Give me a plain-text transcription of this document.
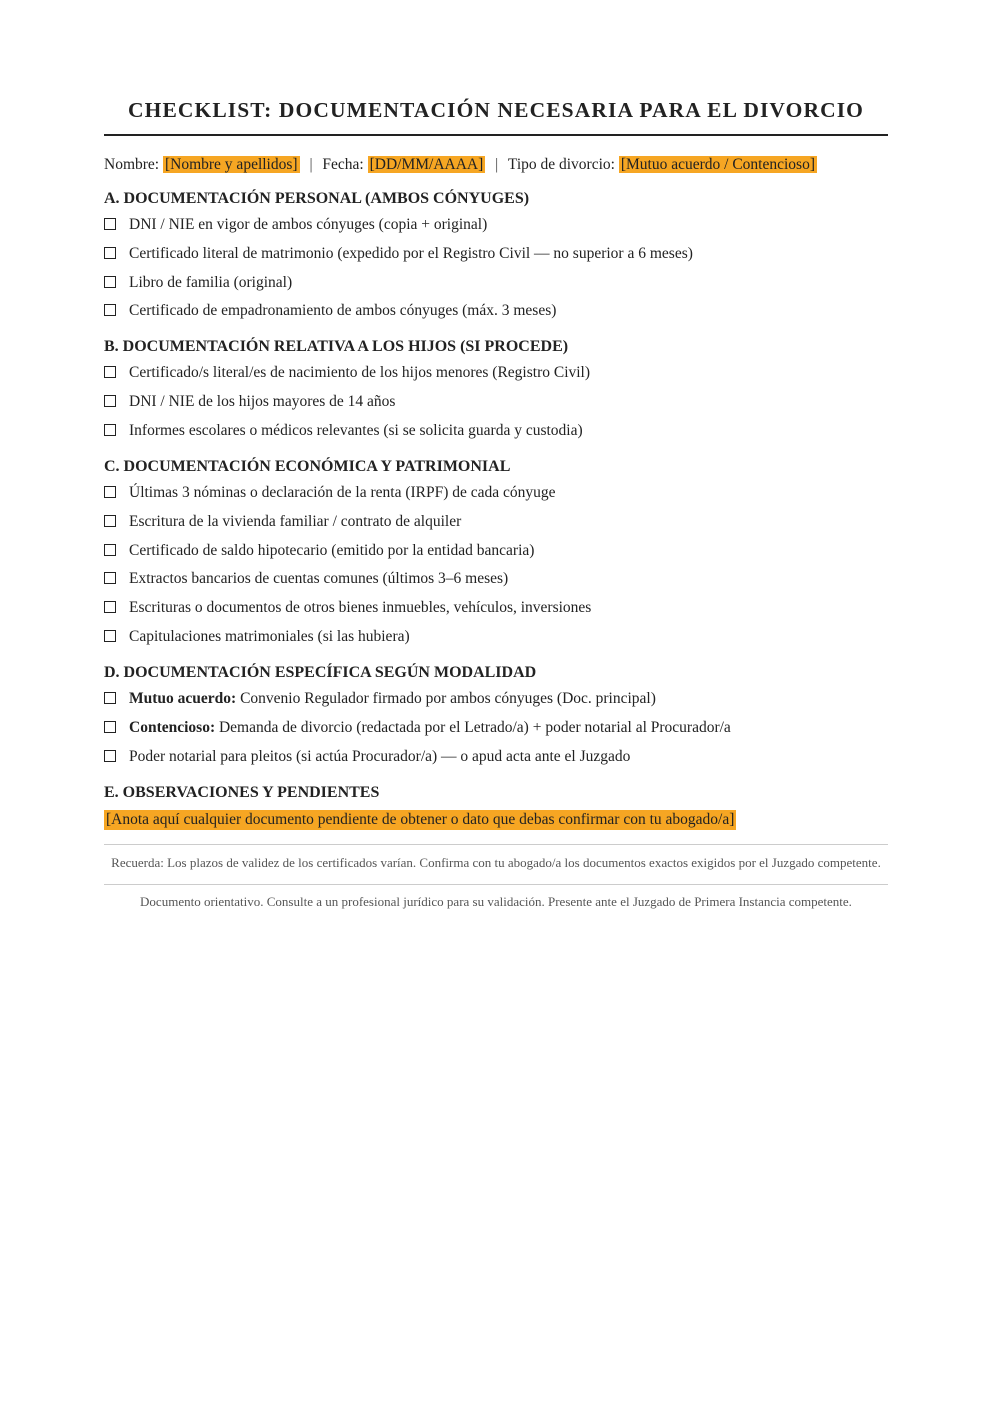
CHECKLIST: DOCUMENTACIÓN NECESARIA PARA EL DIVORCIO
Nombre: [Nombre y apellidos] | Fecha: [DD/MM/AAAA] | Tipo de divorcio: [Mutuo acuerdo / Contencioso]
A. DOCUMENTACIÓN PERSONAL (AMBOS CÓNYUGES)
DNI / NIE en vigor de ambos cónyuges (copia + original)
Certificado literal de matrimonio (expedido por el Registro Civil — no superior a 6 meses)
Libro de familia (original)
Certificado de empadronamiento de ambos cónyuges (máx. 3 meses)
B. DOCUMENTACIÓN RELATIVA A LOS HIJOS (SI PROCEDE)
Certificado/s literal/es de nacimiento de los hijos menores (Registro Civil)
DNI / NIE de los hijos mayores de 14 años
Informes escolares o médicos relevantes (si se solicita guarda y custodia)
C. DOCUMENTACIÓN ECONÓMICA Y PATRIMONIAL
Últimas 3 nóminas o declaración de la renta (IRPF) de cada cónyuge
Escritura de la vivienda familiar / contrato de alquiler
Certificado de saldo hipotecario (emitido por la entidad bancaria)
Extractos bancarios de cuentas comunes (últimos 3–6 meses)
Escrituras o documentos de otros bienes inmuebles, vehículos, inversiones
Capitulaciones matrimoniales (si las hubiera)
D. DOCUMENTACIÓN ESPECÍFICA SEGÚN MODALIDAD
Mutuo acuerdo: Convenio Regulador firmado por ambos cónyuges (Doc. principal)
Contencioso: Demanda de divorcio (redactada por el Letrado/a) + poder notarial al Procurador/a
Poder notarial para pleitos (si actúa Procurador/a) — o apud acta ante el Juzgado
E. OBSERVACIONES Y PENDIENTES
[Anota aquí cualquier documento pendiente de obtener o dato que debas confirmar con tu abogado/a]
Recuerda: Los plazos de validez de los certificados varían. Confirma con tu abogado/a los documentos exactos exigidos por el Juzgado competente.
Documento orientativo. Consulte a un profesional jurídico para su validación. Presente ante el Juzgado de Primera Instancia competente.
